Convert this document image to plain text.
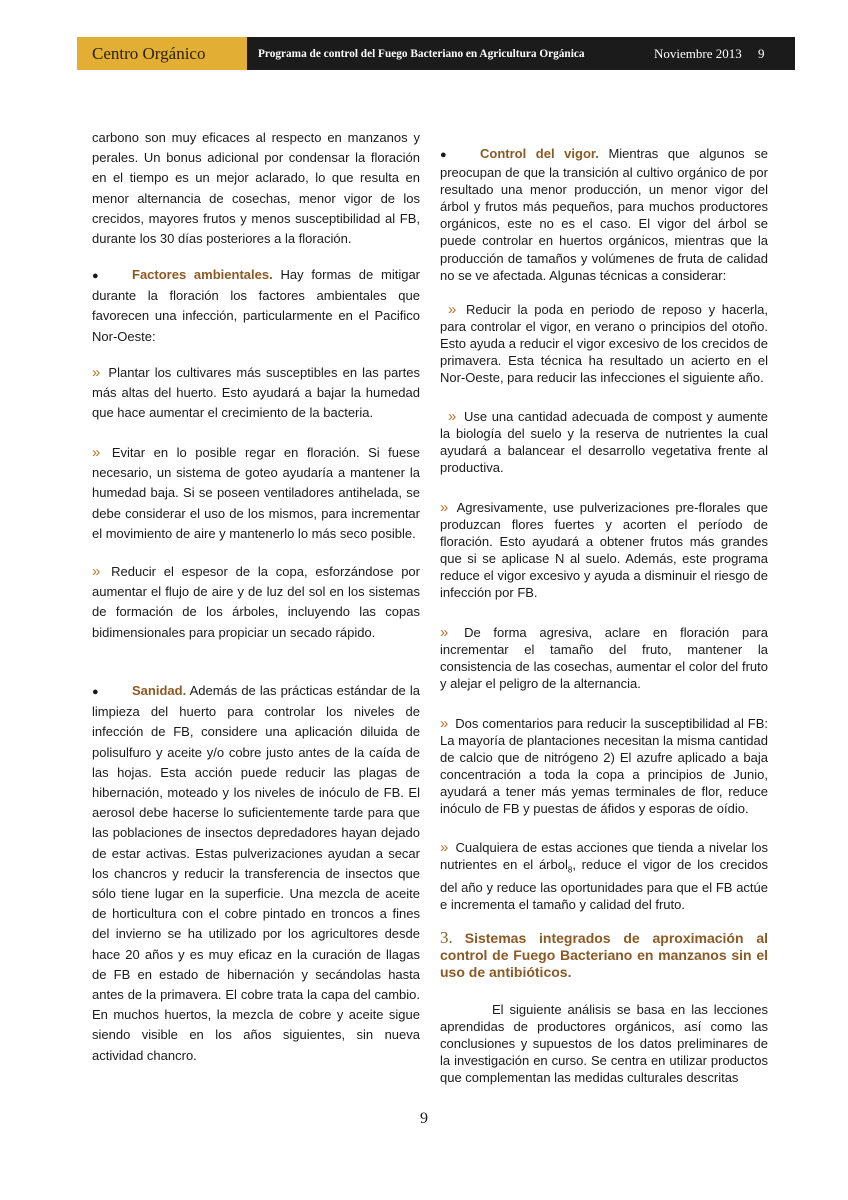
Centro Orgánico	Programa de control del Fuego Bacteriano en Agricultura Orgánica	Noviembre 2013 9

carbono son muy eficaces al respecto en manzanos y perales. Un bonus adicional por condensar la floración en el tiempo es un mejor aclarado, lo que resulta en menor alternancia de cosechas, menor vigor de los crecidos, mayores frutos y menos susceptibilidad al FB, durante los 30 días posteriores a la floración.

●	Factores ambientales. Hay formas de mitigar durante la floración los factores ambientales que favorecen una infección, particularmente en el Pacifico Nor-Oeste:

» Plantar los cultivares más susceptibles en las partes más altas del huerto. Esto ayudará a bajar la humedad que hace aumentar el crecimiento de la bacteria.

» Evitar en lo posible regar en floración. Si fuese necesario, un sistema de goteo ayudaría a mantener la humedad baja. Si se poseen ventiladores antihelada, se debe considerar el uso de los mismos, para incrementar el movimiento de aire y mantenerlo lo más seco posible.

» Reducir el espesor de la copa, esforzándose por aumentar el flujo de aire y de luz del sol en los sistemas de formación de los árboles, incluyendo las copas bidimensionales para propiciar un secado rápido.

●	Sanidad. Además de las prácticas estándar de la limpieza del huerto para controlar los niveles de infección de FB, considere una aplicación diluida de polisulfuro y aceite y/o cobre justo antes de la caída de las hojas. Esta acción puede reducir las plagas de hibernación, moteado y los niveles de inóculo de FB. El aerosol debe hacerse lo suficientemente tarde para que las poblaciones de insectos depredadores hayan dejado de estar activas. Estas pulverizaciones ayudan a secar los chancros y reducir la transferencia de insectos que sólo tiene lugar en la superficie. Una mezcla de aceite de horticultura con el cobre pintado en troncos a fines del invierno se ha utilizado por los agricultores desde hace 20 años y es muy eficaz en la curación de llagas de FB en estado de hibernación y secándolas hasta antes de la primavera. El cobre trata la capa del cambio. En muchos huertos, la mezcla de cobre y aceite sigue siendo visible en los años siguientes, sin nueva actividad chancro.

●	Control del vigor. Mientras que algunos se preocupan de que la transición al cultivo orgánico de por resultado una menor producción, un menor vigor del árbol y frutos más pequeños, para muchos productores orgánicos, este no es el caso. El vigor del árbol se puede controlar en huertos orgánicos, mientras que la producción de tamaños y volúmenes de fruta de calidad no se ve afectada. Algunas técnicas a considerar:

» Reducir la poda en periodo de reposo y hacerla, para controlar el vigor, en verano o principios del otoño. Esto ayuda a reducir el vigor excesivo de los crecidos de primavera. Esta técnica ha resultado un acierto en el Nor-Oeste, para reducir las infecciones el siguiente año.

» Use una cantidad adecuada de compost y aumente la biología del suelo y la reserva de nutrientes la cual ayudará a balancear el desarrollo vegetativa frente al productiva.

» Agresivamente, use pulverizaciones pre-florales que produzcan flores fuertes y acorten el período de floración. Esto ayudará a obtener frutos más grandes que si se aplicase N al suelo. Además, este programa reduce el vigor excesivo y ayuda a disminuir el riesgo de infección por FB.

» De forma agresiva, aclare en floración para incrementar el tamaño del fruto, mantener la consistencia de las cosechas, aumentar el color del fruto y alejar el peligro de la alternancia.

» Dos comentarios para reducir la susceptibilidad al FB: La mayoría de plantaciones necesitan la misma cantidad de calcio que de nitrógeno 2) El azufre aplicado a baja concentración a toda la copa a principios de Junio, ayudará a tener más yemas terminales de flor, reduce inóculo de FB y puestas de áfidos y esporas de oídio.

» Cualquiera de estas acciones que tienda a nivelar los nutrientes en el árbol$_8$, reduce el vigor de los crecidos del año y reduce las oportunidades para que el FB actúe e incrementa el tamaño y calidad del fruto.

3. Sistemas integrados de aproximación al control de Fuego Bacteriano en manzanos sin el uso de antibióticos.

El siguiente análisis se basa en las lecciones aprendidas de productores orgánicos, así como las conclusiones y supuestos de los datos preliminares de la investigación en curso. Se centra en utilizar productos que complementan las medidas culturales descritas

9
